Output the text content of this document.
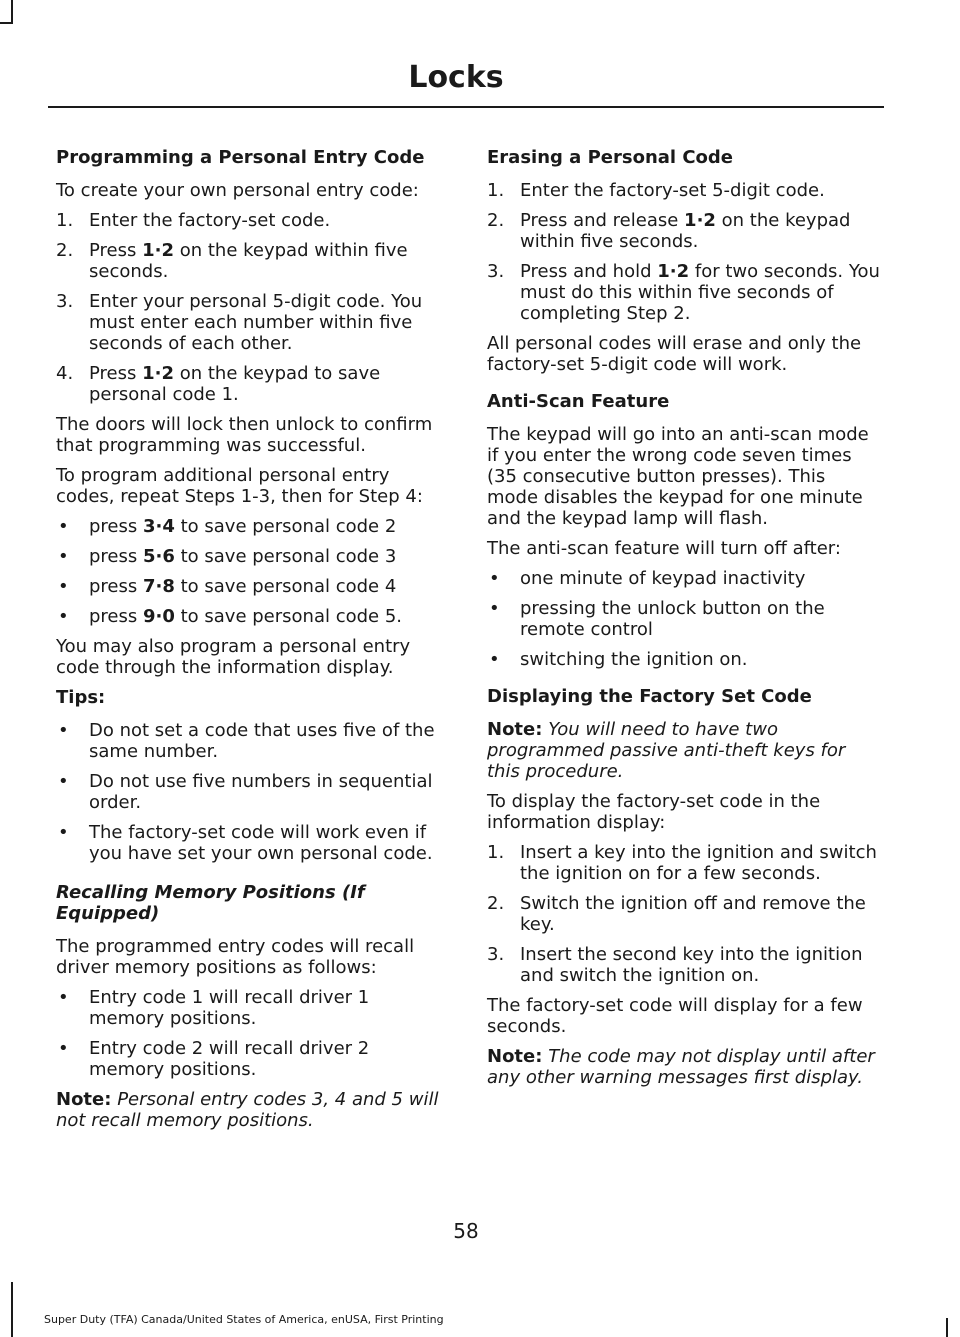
Locks
Programming a Personal Entry Code

To create your own personal entry code:

1. Enter the factory-set code.
2. Press 1·2 on the keypad within five seconds.
3. Enter your personal 5-digit code. You must enter each number within five seconds of each other.
4. Press 1·2 on the keypad to save personal code 1.

The doors will lock then unlock to confirm that programming was successful.

To program additional personal entry codes, repeat Steps 1-3, then for Step 4:

• press 3·4 to save personal code 2
• press 5·6 to save personal code 3
• press 7·8 to save personal code 4
• press 9·0 to save personal code 5.

You may also program a personal entry code through the information display.

Tips:
• Do not set a code that uses five of the same number.
• Do not use five numbers in sequential order.
• The factory-set code will work even if you have set your own personal code.
Recalling Memory Positions (If Equipped)

The programmed entry codes will recall driver memory positions as follows:

• Entry code 1 will recall driver 1 memory positions.
• Entry code 2 will recall driver 2 memory positions.

Note: Personal entry codes 3, 4 and 5 will not recall memory positions.

Erasing a Personal Code
1. Enter the factory-set 5-digit code.
2. Press and release 1·2 on the keypad within five seconds.
3. Press and hold 1·2 for two seconds. You must do this within five seconds of completing Step 2.

All personal codes will erase and only the factory-set 5-digit code will work.

Anti-Scan Feature

The keypad will go into an anti-scan mode if you enter the wrong code seven times (35 consecutive button presses). This mode disables the keypad for one minute and the keypad lamp will flash.

The anti-scan feature will turn off after:

• one minute of keypad inactivity
• pressing the unlock button on the remote control
• switching the ignition on.
Displaying the Factory Set Code

Note: You will need to have two programmed passive anti-theft keys for this procedure.

To display the factory-set code in the information display:

1. Insert a key into the ignition and switch the ignition on for a few seconds.
2. Switch the ignition off and remove the key.
3. Insert the second key into the ignition and switch the ignition on.

The factory-set code will display for a few seconds.

Note: The code may not display until after any other warning messages first display.

58
Super Duty (TFA) Canada/United States of America, enUSA, First Printing
